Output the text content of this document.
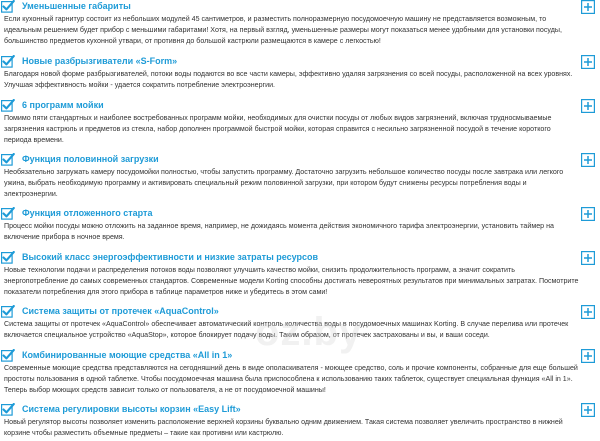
Уменьшенные габариты

Если кухонный гарнитур состоит из небольших модулей 45 сантиметров, и разместить полноразмерную посудомоечную машину не представляется возможным, то идеальным решением будет прибор с меньшими габаритами! Хотя, на первый взгляд, уменьшенные размеры могут показаться менее удобными для установки посуды, большинство предметов кухонной утвари, от противня до большой кастрюли размещаются в камере с легкостью!

Новые разбрызгиватели «S-Form»

Благодаря новой форме разбрызгивателей, потоки воды подаются во все части камеры, эффективно удаляя загрязнения со всей посуды, расположенной на всех уровнях. Улучшая эффективность мойки - удается сократить потребление электроэнергии.

6 программ мойки

Помимо пяти стандартных и наиболее востребованных программ мойки, необходимых для очистки посуды от любых видов загрязнений, включая труднoсмываемые загрязнения кастрюль и предметов из стекла, набор дополнен программой быстрой мойки, которая справится с несильно загрязненной посудой в течение короткого периода времени.

Функция половинной загрузки

Необязательно загружать камеру посудомойки полностью, чтобы запустить программу. Достаточно загрузить небольшое количество посуды после завтрака или легкого ужина, выбрать необходимую программу и активировать специальный режим половинной загрузки, при котором будут снижены ресурсы потребления воды и электроэнергии.

Функция отложенного старта

Процесс мойки посуды можно отложить на заданное время, например, не дожидаясь момента действия экономичного тарифа электроэнергии, установить таймер на включение прибора в ночное время.

Высокий класс энергоэффективности и низкие затраты ресурсов

Новые технологии подачи и распределения потоков воды позволяют улучшить качество мойки, снизить продолжительность программ, а значит сократить энергопотребление до самых современных стандартов. Современные модели Korting способны достигать невероятных результатов при минимальных затратах. Посмотрите показатели потребления для этого прибора в таблице параметров ниже и убедитесь в этом сами!

Система защиты от протечек «AquaControl»

Система защиты от протечек «AquaControl» обеспечивает автоматический контроль количества воды в посудомоечных машинах Korting. В случае перелива или протечек включается специальное устройство «AquaStop», которое блокирует подачу воды. Таким образом, от протечек застрахованы и вы, и ваши соседи.

Комбинированные моющие средства «All in 1»

Современные моющие средства представляются на сегодняшний день в виде ополаскивателя - моющее средство, соль и прочие компоненты, собранные для еще большей простоты пользования в одной таблетке. Чтобы посудомоечная машина была приспособлена к использованию таких таблеток, существует специальная функция «All in 1». Теперь выбор моющих средств зависит только от пользователя, а не от посудомоечной машины!

Система регулировки высоты корзин «Easy Lift»

Новый регулятор высоты позволяет изменить расположение верхней корзины буквально одним движением. Такая система позволяет увеличить пространство в нижней корзине чтобы разместить объемные предметы – такие как противни или кастрюлю.

oz.by
